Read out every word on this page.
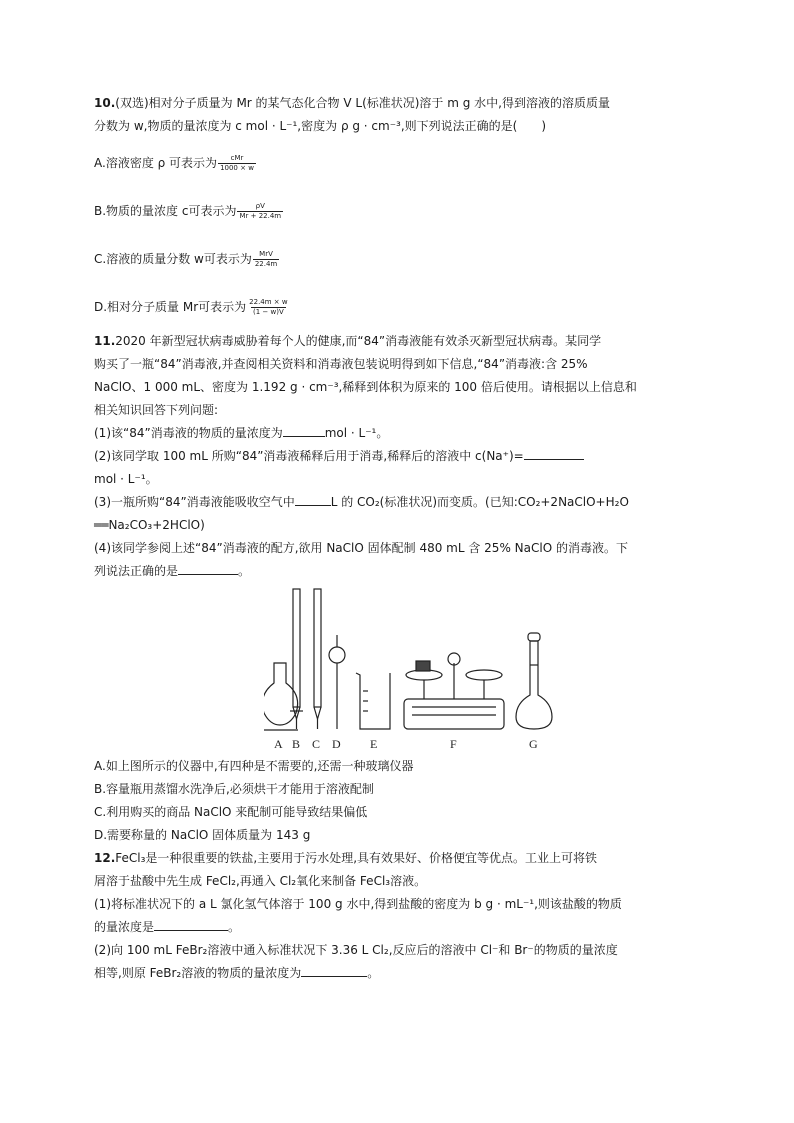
10.(双选)相对分子质量为 Mr 的某气态化合物 V L(标准状况)溶于 m g 水中,得到溶液的溶质质量

分数为 w,物质的量浓度为 c mol · L⁻¹,密度为 ρ g · cm⁻³,则下列说法正确的是(　　)

A.溶液密度 ρ 可表示为 $\frac{\text{cMr}}{1000 \times w}$
B.物质的量浓度 c可表示为 $\frac{\rho V}{Mr + 22.4m}$
C.溶液的质量分数 w可表示为 $\frac{\text{MrV}}{22.4m}$
D.相对分子质量 Mr可表示为 $\frac{22.4m \times w}{(1 - w)V}$

11.2020 年新型冠状病毒威胁着每个人的健康,而“84”消毒液能有效杀灭新型冠状病毒。某同学

购买了一瓶“84”消毒液,并查阅相关资料和消毒液包装说明得到如下信息,“84”消毒液:含 25%

NaClO、1 000 mL、密度为 1.192 g · cm⁻³,稀释到体积为原来的 100 倍后使用。请根据以上信息和

相关知识回答下列问题:

(1)该“84”消毒液的物质的量浓度为	mol · L⁻¹。

(2)该同学取 100 mL 所购“84”消毒液稀释后用于消毒,稀释后的溶液中 c(Na⁺)=

mol · L⁻¹。

(3)一瓶所购“84”消毒液能吸收空气中	L 的 CO₂(标准状况)而变质。(已知:CO₂+2NaClO+H₂O

══Na₂CO₃+2HClO)

(4)该同学参阅上述“84”消毒液的配方,欲用 NaClO 固体配制 480 mL 含 25% NaClO 的消毒液。下

列说法正确的是	。

A B C D E	F	G

A.如上图所示的仪器中,有四种是不需要的,还需一种玻璃仪器

B.容量瓶用蒸馏水洗净后,必须烘干才能用于溶液配制

C.利用购买的商品 NaClO 来配制可能导致结果偏低

D.需要称量的 NaClO 固体质量为 143 g

12.FeCl₃是一种很重要的铁盐,主要用于污水处理,具有效果好、价格便宜等优点。工业上可将铁

屑溶于盐酸中先生成 FeCl₂,再通入 Cl₂氧化来制备 FeCl₃溶液。

(1)将标准状况下的 a L 氯化氢气体溶于 100 g 水中,得到盐酸的密度为 b g · mL⁻¹,则该盐酸的物质

的量浓度是	。

(2)向 100 mL FeBr₂溶液中通入标准状况下 3.36 L Cl₂,反应后的溶液中 Cl⁻和 Br⁻的物质的量浓度

相等,则原 FeBr₂溶液的物质的量浓度为	。
